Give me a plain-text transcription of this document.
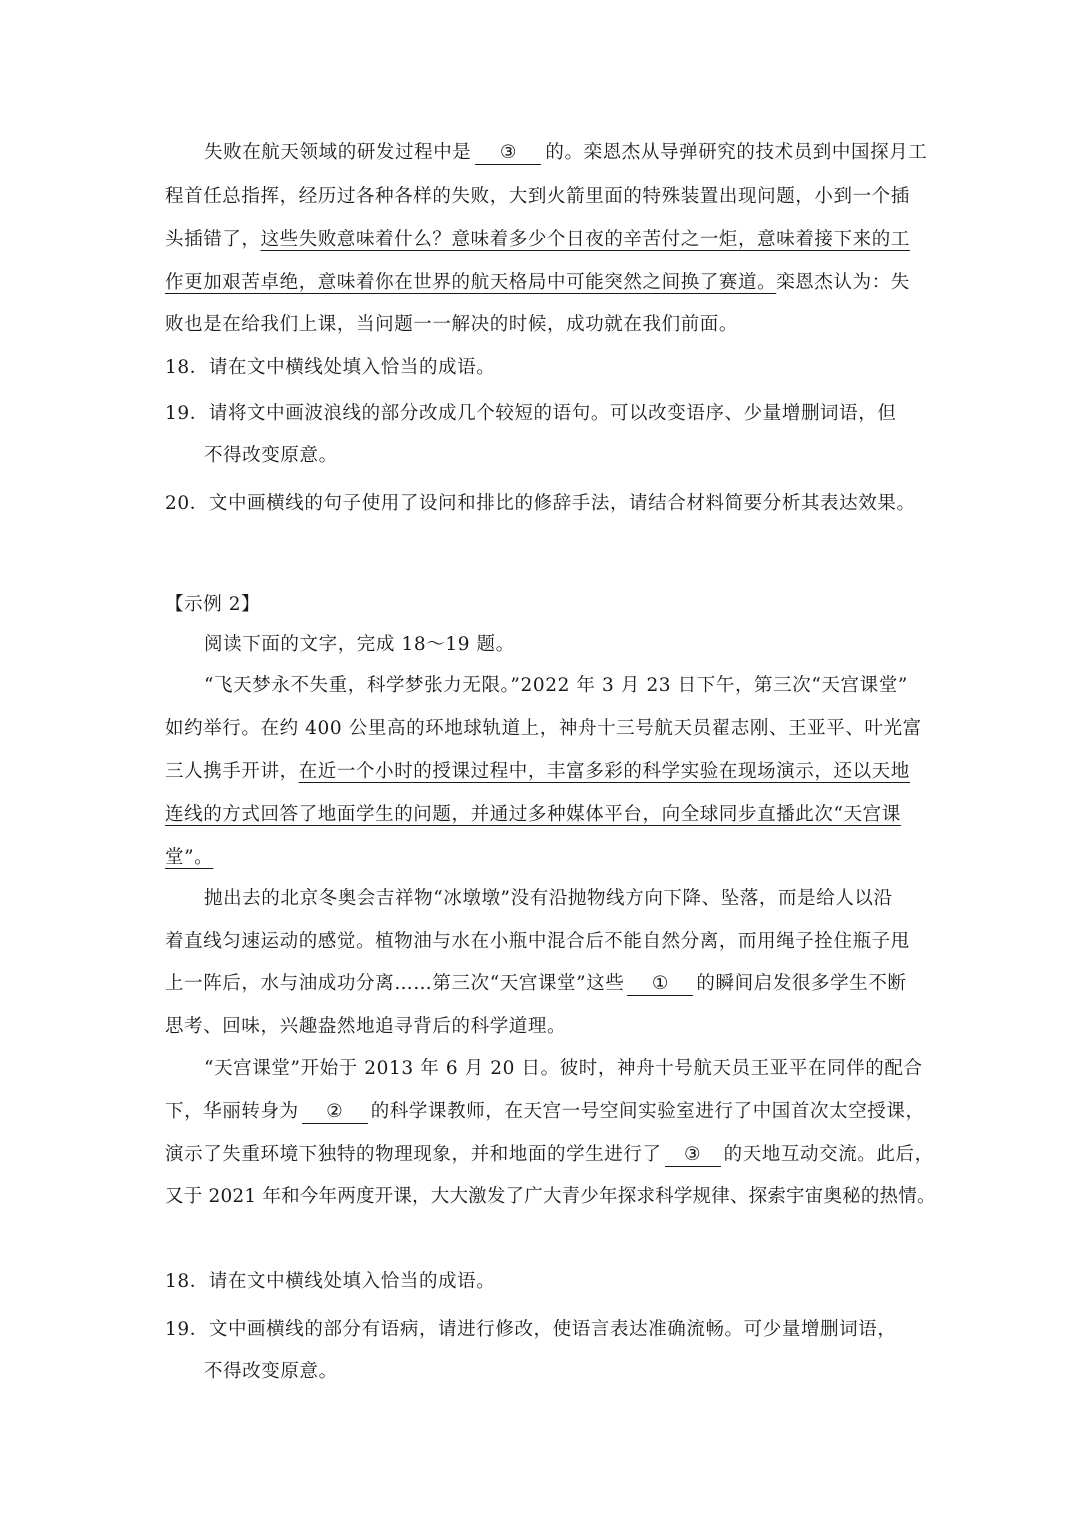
失败在航天领域的研发过程中是 ③ 的。栾恩杰从导弹研究的技术员到中国探月工
程首任总指挥，经历过各种各样的失败，大到火箭里面的特殊装置出现问题，小到一个插
头插错了，这些失败意味着什么？意味着多少个日夜的辛苦付之一炬，意味着接下来的工
作更加艰苦卓绝，意味着你在世界的航天格局中可能突然之间换了赛道。栾恩杰认为：失
败也是在给我们上课，当问题一一解决的时候，成功就在我们前面。
18．请在文中横线处填入恰当的成语。
19．请将文中画波浪线的部分改成几个较短的语句。可以改变语序、少量增删词语，但
不得改变原意。
20．文中画横线的句子使用了设问和排比的修辞手法，请结合材料简要分析其表达效果。
【示例 2】
阅读下面的文字，完成 18～19 题。
“飞天梦永不失重，科学梦张力无限。”2022 年 3 月 23 日下午，第三次“天宫课堂”
如约举行。在约 400 公里高的环地球轨道上，神舟十三号航天员翟志刚、王亚平、叶光富
三人携手开讲，在近一个小时的授课过程中，丰富多彩的科学实验在现场演示，还以天地
连线的方式回答了地面学生的问题，并通过多种媒体平台，向全球同步直播此次“天宫课
堂”。
抛出去的北京冬奥会吉祥物“冰墩墩”没有沿抛物线方向下降、坠落，而是给人以沿
着直线匀速运动的感觉。植物油与水在小瓶中混合后不能自然分离，而用绳子拴住瓶子甩
上一阵后，水与油成功分离……第三次“天宫课堂”这些 ① 的瞬间启发很多学生不断
思考、回味，兴趣盎然地追寻背后的科学道理。
“天宫课堂”开始于 2013 年 6 月 20 日。彼时，神舟十号航天员王亚平在同伴的配合
下，华丽转身为 ② 的科学课教师，在天宫一号空间实验室进行了中国首次太空授课，
演示了失重环境下独特的物理现象，并和地面的学生进行了 ③ 的天地互动交流。此后，
又于 2021 年和今年两度开课，大大激发了广大青少年探求科学规律、探索宇宙奥秘的热情。
18．请在文中横线处填入恰当的成语。
19．文中画横线的部分有语病，请进行修改，使语言表达准确流畅。可少量增删词语，
不得改变原意。
